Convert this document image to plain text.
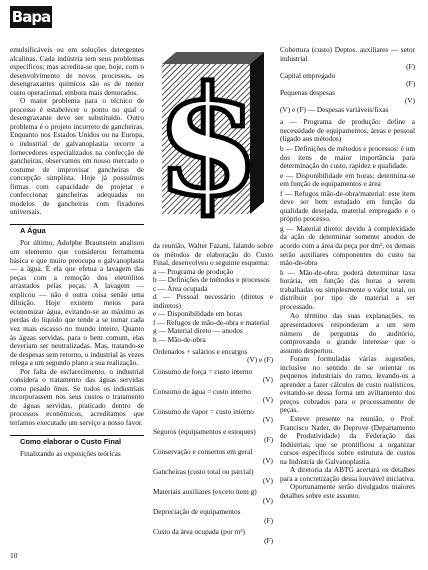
Bapa

emulsificáveis ou em soluções detergentes alcalinas. Cada indústria tem seus problemas específicos; mas acredita-se que, hoje, com o desenvolvimento de novos processos, os desengraxantes químicos são os de menor custo operacional, embora mais demorados.

O maior problema para o técnico de processo é estabelecer o ponto no qual o desengraxante deve ser substituído. Outro problema é o projeto incorreto de gancheiras. Enquanto nos Estados Unidos ou na Europa, o industrial de galvanoplastia recorre a fornecedores especializados na confecção de gancheiras, observamos em nosso mercado o costume de improvisar gancheiras de concepção simplista. Hoje já possuímos firmas com capacidade de projetar e confeccionar gancheiras adequadas ou modelos de gancheiras com fixadores universais.

A Água

Por último, Adolphe Braunstein analisou um elemento que considerou ferramenta básica e que muito preocupa o galvanoplasta — a água. É ela que efetua a lavagem das peças com a remoção dos eletrólitos arrastados pelas peças. A lavagem — explicou — não é outra coisa senão uma diluição. Hoje existem meios para economizar água, evitando-se ao máximo as perdas do líquido que tende a se tornar cada vez mais escasso no mundo inteiro. Quanto às águas servidas, para o bem comum, elas deveriam ser neutralizadas. Mas, tratando-se de despesas sem retorno, o industrial às vezes relega a um segundo plano a sua realização.

Por falta de esclarecimento, o industrial considera o tratamento das águas servidas como pesado ônus. Se todos os industriais incorporassem nos seus custos o tratamento de águas servidas, praticado dentro de processos econômicos, acreditamos que teríamos executado um serviço a nosso favor.

Como elaborar o Custo Final

Finalizando as exposições teóricas

$

da reunião, Walter Fazani, falando sobre os métodos de elaboração do Custo Final, desenvolveu o seguinte esquema:

a — Programa de produção
b — Definições de métodos e processos
c — Área ocupada
d — Pessoal necessário (diretos e indiretos)
e — Disponibilidade em horas
f — Refugos de mão-de-obra e material
g — Material direto — anodos
h — Mão-de-obra
Ordenados + salários e encargos
(V) e (F)
Consumo de força = custo interno
(V)
Consumo de água = custo interno
(V)
Consumo de vapor = custo interno
(V)
Seguros (equipamentos e estoques)
(F)
Conservação e consertos em geral
(V)
Gancheiras (custo total ou parcial)
(V)
Materiais auxiliares (exceto item g)
(V)
Depreciação de equipamentos
(F)
Custo da área ocupada (por m²)
(F)
Cobertura (custo) Deptos. auxiliares — setor industrial
(F)
Capital empregado
(F)
Pequenas despesas
(V)
(V) e (F) — Despesas variáveis/fixas

a — Programa de produção: define a necessidade de equipamentos, áreas e pessoal (ligado aos métodos)

b — Definições de métodos e processos: é um dos itens de maior importância para determinação do custo, rapidez e qualidade.

e — Disponibilidade em horas: determina-se em função de equipamentos e área

f — Refugos mão-de-obra/material: este item deve ser bem estudado em função da qualidade desejada, material empregado e o próprio processo.

g — Material direto: devido à complexidade da ação de determinar somente anodos de acordo com a área da peça por dm², os demais serão auxiliares componentes do custo na mão-de-obra

h — Mão-de-obra: poderá determinar taxa horária, em função das horas a serem trabalhadas ou simplesmente o valor total, ou distribuir por tipo de material a ser processado.

Ao término das suas explanações, os apresentadores responderam a um sem número de perguntas do auditório, comprovando o grande interesse que o assunto despertou.

Foram formuladas várias sugestões, inclusive no sentido de se orientar os pequenos industriais do ramo, levando-os a aprender a fazer cálculos de custo realísticos, evitando-se dessa forma um aviltamento dos preços cobrados para o processamento de peças.

Esteve presente na reunião, o Prof. Francisco Nader, do Deprove (Departamento de Produtividade) da Federação das Indústrias, que se prontificou a organizar cursos específicos sobre estrutura de custos na Indústria de Galvanoplastia.

A diretoria da ABTG acertará os detalhes para a concretização dessa louvável iniciativa.

Oportunamente serão divulgados maiores detalhes sobre este assunto.

10
